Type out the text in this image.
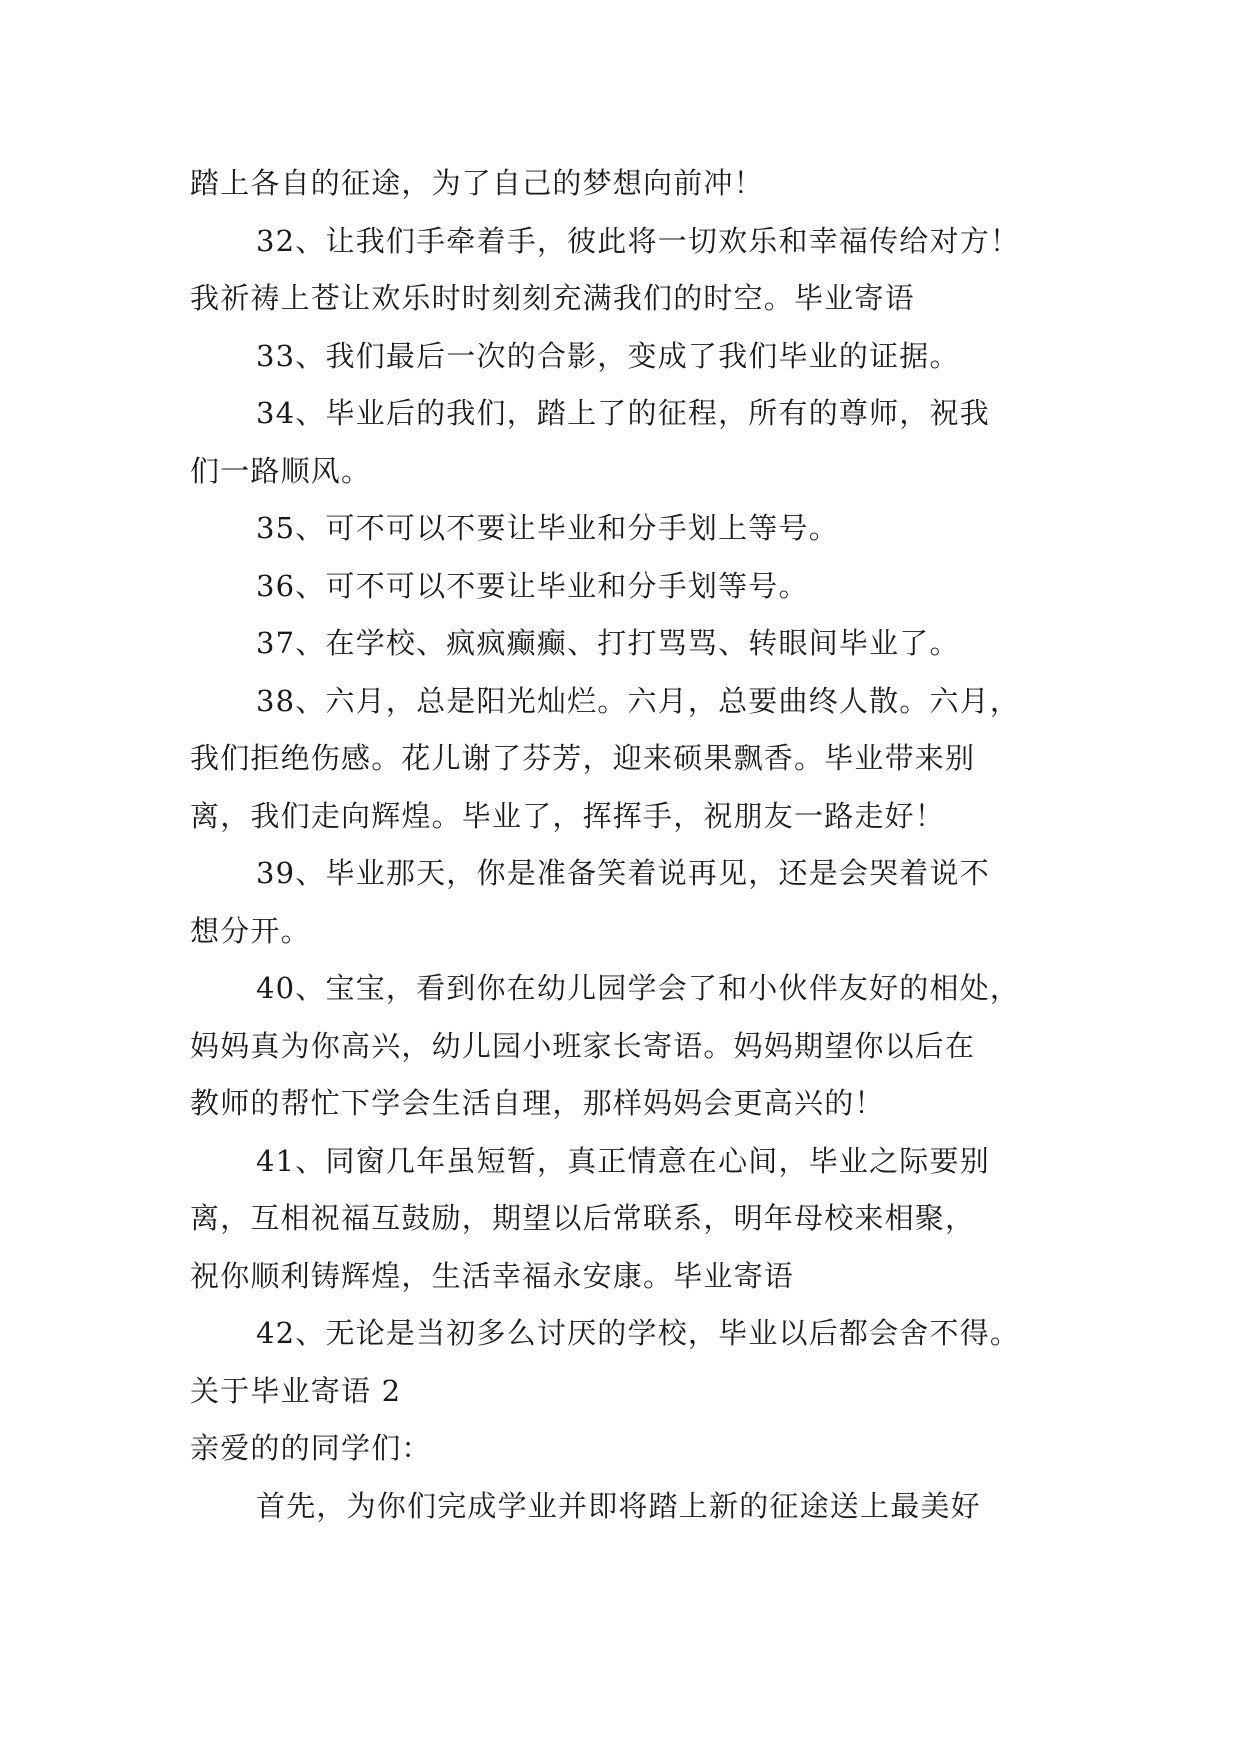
踏上各自的征途，为了自己的梦想向前冲！
32、让我们手牵着手，彼此将一切欢乐和幸福传给对方！
我祈祷上苍让欢乐时时刻刻充满我们的时空。毕业寄语
33、我们最后一次的合影，变成了我们毕业的证据。
34、毕业后的我们，踏上了的征程，所有的尊师，祝我
们一路顺风。
35、可不可以不要让毕业和分手划上等号。
36、可不可以不要让毕业和分手划等号。
37、在学校、疯疯癫癫、打打骂骂、转眼间毕业了。
38、六月，总是阳光灿烂。六月，总要曲终人散。六月，
我们拒绝伤感。花儿谢了芬芳，迎来硕果飘香。毕业带来别
离，我们走向辉煌。毕业了，挥挥手，祝朋友一路走好！
39、毕业那天，你是准备笑着说再见，还是会哭着说不
想分开。
40、宝宝，看到你在幼儿园学会了和小伙伴友好的相处，
妈妈真为你高兴，幼儿园小班家长寄语。妈妈期望你以后在
教师的帮忙下学会生活自理，那样妈妈会更高兴的！
41、同窗几年虽短暂，真正情意在心间，毕业之际要别
离，互相祝福互鼓励，期望以后常联系，明年母校来相聚，
祝你顺利铸辉煌，生活幸福永安康。毕业寄语
42、无论是当初多么讨厌的学校，毕业以后都会舍不得。
关于毕业寄语 2
亲爱的的同学们：
首先，为你们完成学业并即将踏上新的征途送上最美好
